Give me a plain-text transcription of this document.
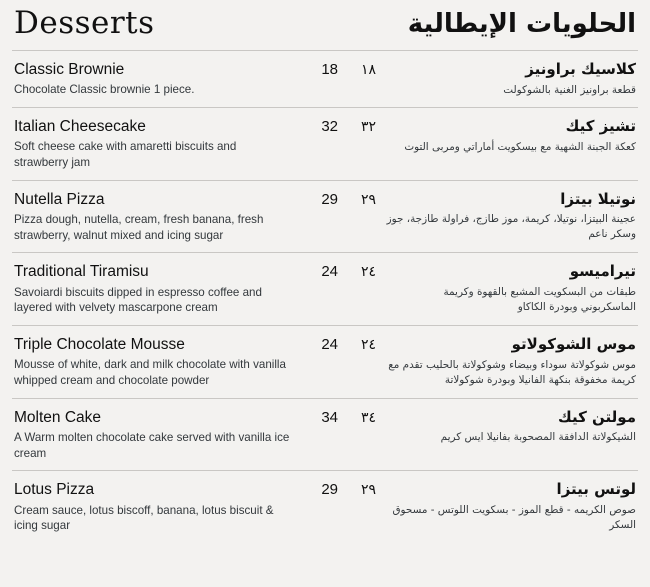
Desserts	الحلويات الإيطالية
Classic Brownie
Chocolate Classic brownie 1 piece.
18	١٨	كلاسيك براونيز
قطعة براونيز الغنية بالشوكولت
Italian Cheesecake
Soft cheese cake with amaretti biscuits and strawberry jam
32	٣٢	تشيز كيك
كعكة الجبنة الشهية مع بيسكويت أماراتي ومربى التوت
Nutella Pizza
Pizza dough, nutella, cream, fresh banana, fresh strawberry, walnut mixed and icing sugar
29	٢٩	نوتيلا بيتزا
عجينة البيتزا، نوتيلا، كريمة، موز طازج، فراولة طازجة، جوز وسكر ناعم
Traditional Tiramisu
Savoiardi biscuits dipped in espresso coffee and layered with velvety mascarpone cream
24	٢٤	تيراميسو
طبقات من البسكويت المشبع بالقهوة وكريمة الماسكربوني وبودرة الكاكاو
Triple Chocolate Mousse
Mousse of white, dark and milk chocolate with vanilla whipped cream and chocolate powder
24	٢٤	موس الشوكولاتو
موس شوكولاتة سوداء وبيضاء وشوكولاتة بالحليب تقدم مع كريمة مخفوقة بنكهة الفانيلا وبودرة شوكولاتة
Molten Cake
A Warm molten chocolate cake served with vanilla ice cream
34	٣٤	مولتن كيك
الشيكولاتة الدافقة المصحوبة بفانيلا ايس كريم
Lotus Pizza
Cream sauce, lotus biscoff, banana, lotus biscuit & icing sugar
29	٢٩	لوتس بيتزا
صوص الكريمه - قطع الموز - بسكويت اللوتس - مسحوق السكر
